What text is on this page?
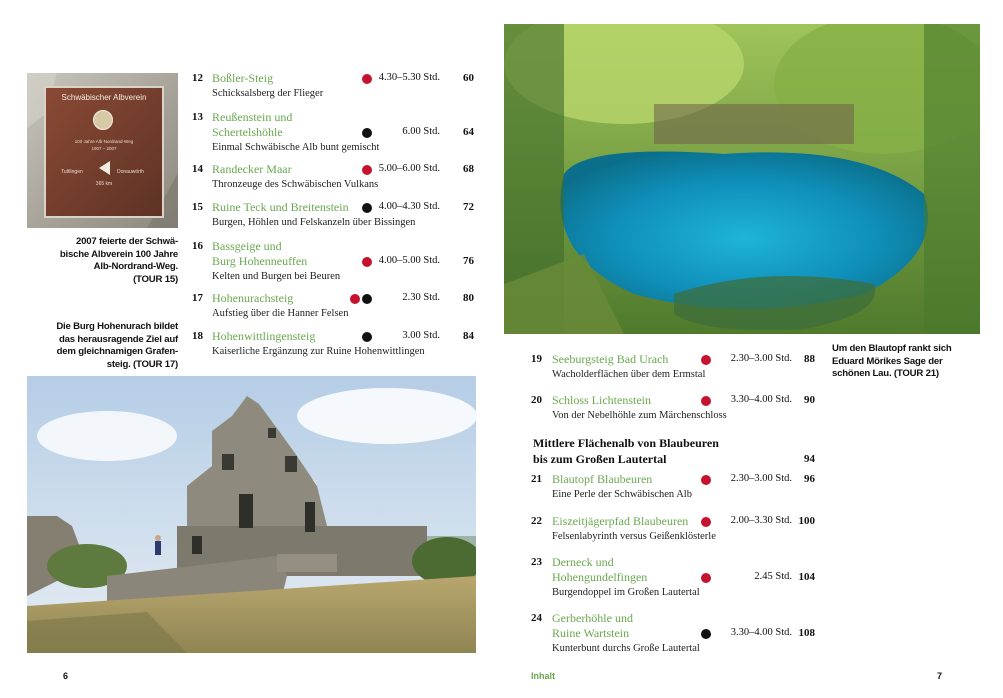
Schwäbischer Albverein
100 Jahre Alb-Nordrand-Weg
1907 – 2007
Tuttlingen	Donauwörth
365 km
2007 feierte der Schwä-
bische Albverein 100 Jahre
Alb-Nordrand-Weg.
(TOUR 15)
Die Burg Hohenurach bildet
das herausragende Ziel auf
dem gleichnamigen Grafen-
steig. (TOUR 17)
12 Boßler-Steig
Schicksalsberg der Flieger
4.30–5.30 Std.	60
13 Reußenstein und
Schertelshöhle
Einmal Schwäbische Alb bunt gemischt
6.00 Std.	64
14 Randecker Maar
Thronzeuge des Schwäbischen Vulkans
5.00–6.00 Std.	68
15 Ruine Teck und Breitenstein
Burgen, Höhlen und Felskanzeln über Bissingen
4.00–4.30 Std.	72
16 Bassgeige und
Burg Hohenneuffen
Kelten und Burgen bei Beuren
4.00–5.00 Std.	76
17 Hohenurachsteig
Aufstieg über die Hanner Felsen
2.30 Std.	80
18 Hohenwittlingensteig
Kaiserliche Ergänzung zur Ruine Hohenwittlingen
3.00 Std.	84
6
Um den Blautopf rankt sich
Eduard Mörikes Sage der
schönen Lau. (TOUR 21)
19 Seeburgsteig Bad Urach
Wacholderflächen über dem Ermstal
2.30–3.00 Std.	88
20 Schloss Lichtenstein
Von der Nebelhöhle zum Märchenschloss
3.30–4.00 Std.	90
21 Blautopf Blaubeuren
Eine Perle der Schwäbischen Alb
2.30–3.00 Std.	96
22 Eiszeitjägerpfad Blaubeuren
Felsenlabyrinth versus Geißenklösterle
2.00–3.30 Std. 100
23 Derneck und
Hohengundelfingen
Burgendoppel im Großen Lautertal
2.45 Std. 104
24 Gerberhöhle und
Ruine Wartstein
Kunterbunt durchs Große Lautertal
3.30–4.00 Std. 108
Mittlere Flächenalb von Blaubeuren
bis zum Großen Lautertal	94
Inhalt	7
